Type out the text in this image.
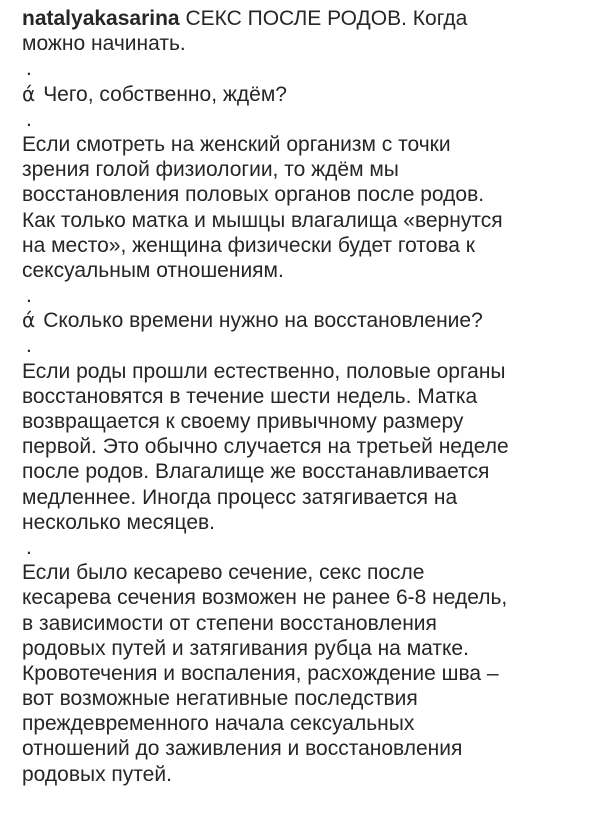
natalyakasarina СЕКС ПОСЛЕ РОДОВ. Когда
можно начинать.
.
ά Чего, собственно, ждём?
.
Если смотреть на женский организм с точки
зрения голой физиологии, то ждём мы
восстановления половых органов после родов.
Как только матка и мышцы влагалища «вернутся
на место», женщина физически будет готова к
сексуальным отношениям.
.
ά Сколько времени нужно на восстановление?
.
Если роды прошли естественно, половые органы
восстановятся в течение шести недель. Матка
возвращается к своему привычному размеру
первой. Это обычно случается на третьей неделе
после родов. Влагалище же восстанавливается
медленнее. Иногда процесс затягивается на
несколько месяцев.
.
Если было кесарево сечение, секс после
кесарева сечения возможен не ранее 6-8 недель,
в зависимости от степени восстановления
родовых путей и затягивания рубца на матке.
Кровотечения и воспаления, расхождение шва –
вот возможные негативные последствия
преждевременного начала сексуальных
отношений до заживления и восстановления
родовых путей.
